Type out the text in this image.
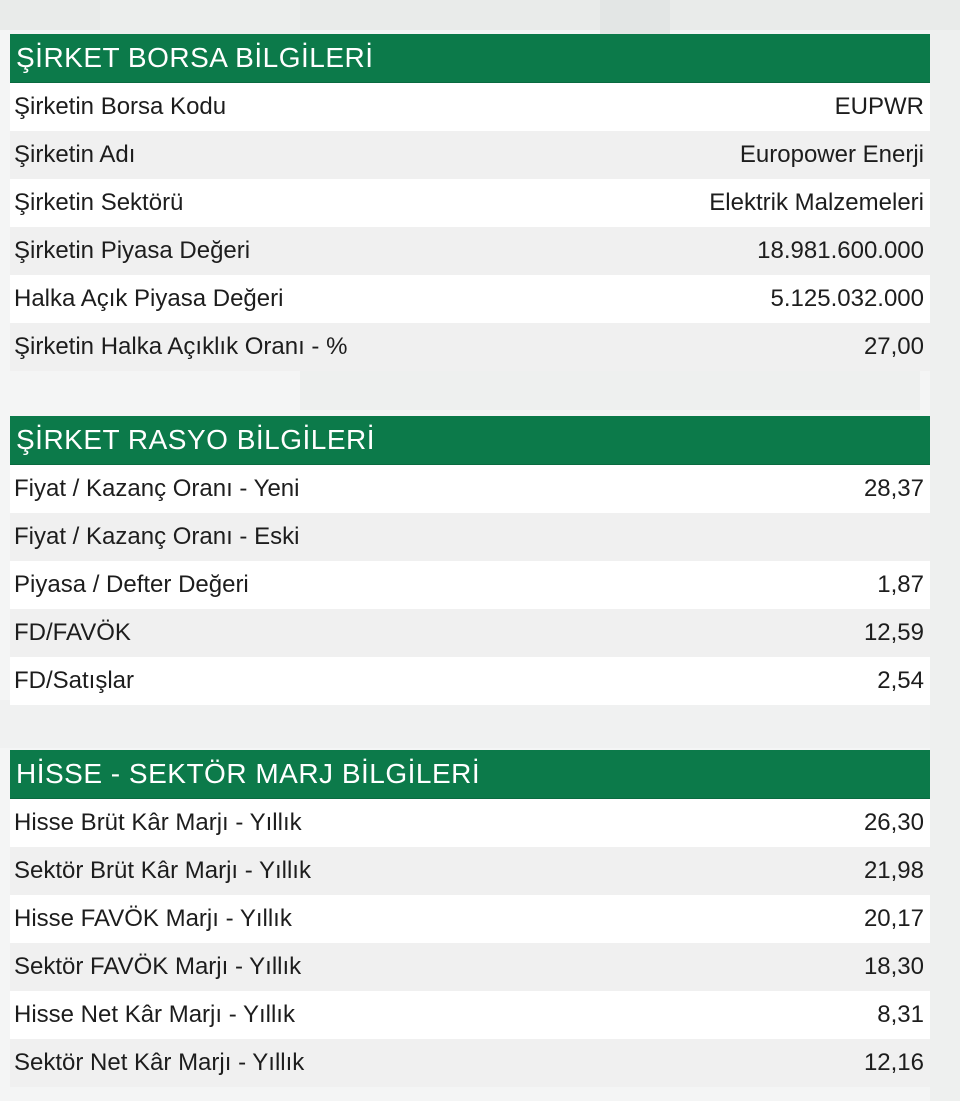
ŞİRKET BORSA BİLGİLERİ
Şirketin Borsa Kodu	EUPWR
Şirketin Adı	Europower Enerji
Şirketin Sektörü	Elektrik Malzemeleri
Şirketin Piyasa Değeri	18.981.600.000
Halka Açık Piyasa Değeri	5.125.032.000
Şirketin Halka Açıklık Oranı - %	27,00
ŞİRKET RASYO BİLGİLERİ
Fiyat / Kazanç Oranı - Yeni	28,37
Fiyat / Kazanç Oranı - Eski
Piyasa / Defter Değeri	1,87
FD/FAVÖK	12,59
FD/Satışlar	2,54
HİSSE - SEKTÖR MARJ BİLGİLERİ
Hisse Brüt Kâr Marjı - Yıllık	26,30
Sektör Brüt Kâr Marjı - Yıllık	21,98
Hisse FAVÖK Marjı - Yıllık	20,17
Sektör FAVÖK Marjı - Yıllık	18,30
Hisse Net Kâr Marjı - Yıllık	8,31
Sektör Net Kâr Marjı - Yıllık	12,16
